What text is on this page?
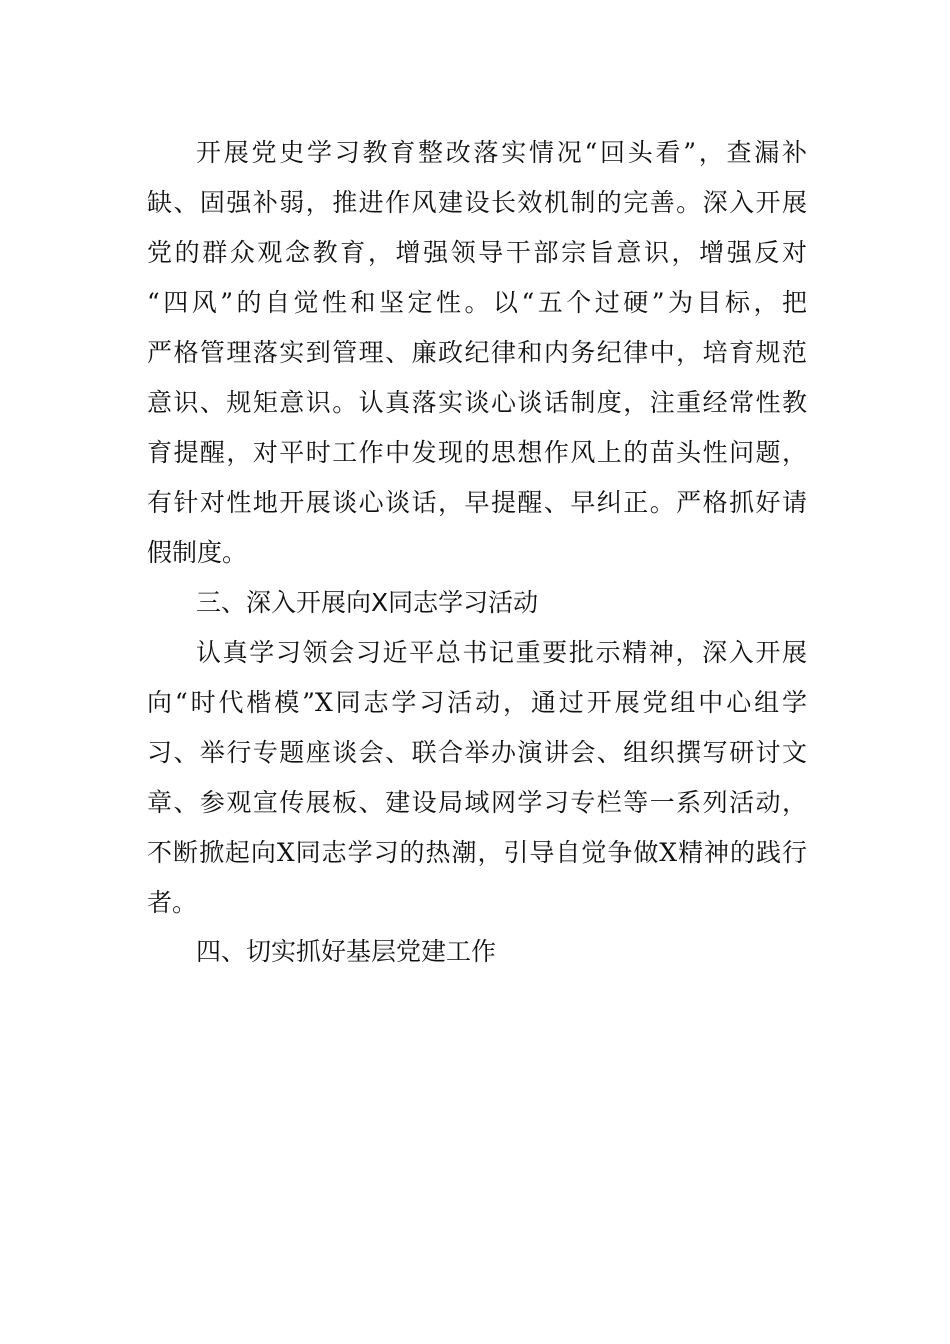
开展党史学习教育整改落实情况“回头看”，查漏补
缺、固强补弱，推进作风建设长效机制的完善。深入开展
党的群众观念教育，增强领导干部宗旨意识，增强反对
“四风”的自觉性和坚定性。以“五个过硬”为目标，把
严格管理落实到管理、廉政纪律和内务纪律中，培育规范
意识、规矩意识。认真落实谈心谈话制度，注重经常性教
育提醒，对平时工作中发现的思想作风上的苗头性问题，
有针对性地开展谈心谈话，早提醒、早纠正。严格抓好请
假制度。
三、深入开展向X同志学习活动
认真学习领会习近平总书记重要批示精神，深入开展
向“时代楷模”X同志学习活动，通过开展党组中心组学
习、举行专题座谈会、联合举办演讲会、组织撰写研讨文
章、参观宣传展板、建设局域网学习专栏等一系列活动，
不断掀起向X同志学习的热潮，引导自觉争做X精神的践行
者。
四、切实抓好基层党建工作
